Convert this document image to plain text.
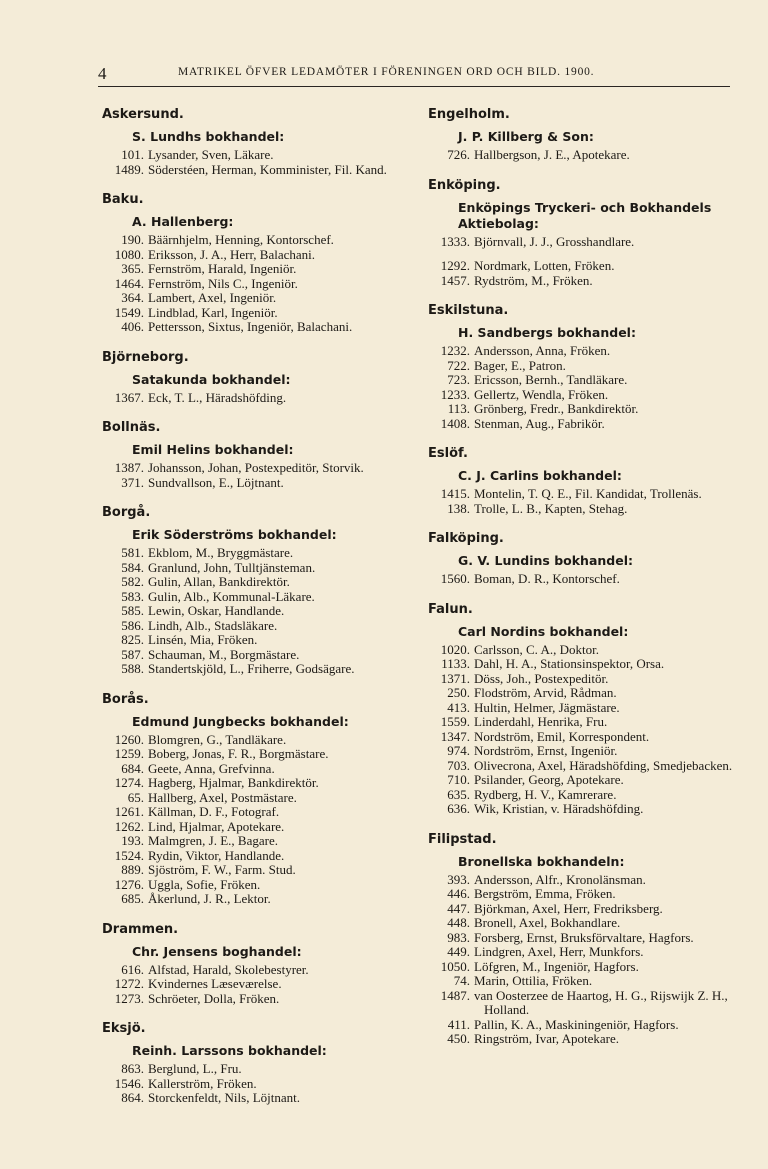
4	MATRIKEL ÖFVER LEDAMÖTER I FÖRENINGEN ORD OCH BILD. 1900.
Askersund.
S. Lundhs bokhandel:
101. Lysander, Sven, Läkare.
1489. Söderstéen, Herman, Komminister, Fil. Kand.
Baku.
A. Hallenberg:
190. Bäärnhjelm, Henning, Kontorschef.
1080. Eriksson, J. A., Herr, Balachani.
365. Fernström, Harald, Ingeniör.
1464. Fernström, Nils C., Ingeniör.
364. Lambert, Axel, Ingeniör.
1549. Lindblad, Karl, Ingeniör.
406. Pettersson, Sixtus, Ingeniör, Balachani.
Björneborg.
Satakunda bokhandel:
1367. Eck, T. L., Häradshöfding.
Bollnäs.
Emil Helins bokhandel:
1387. Johansson, Johan, Postexpeditör, Storvik.
371. Sundvallson, E., Löjtnant.
Borgå.
Erik Söderströms bokhandel:
581. Ekblom, M., Bryggmästare.
584. Granlund, John, Tulltjänsteman.
582. Gulin, Allan, Bankdirektör.
583. Gulin, Alb., Kommunal-Läkare.
585. Lewin, Oskar, Handlande.
586. Lindh, Alb., Stadsläkare.
825. Linsén, Mia, Fröken.
587. Schauman, M., Borgmästare.
588. Standertskjöld, L., Friherre, Godsägare.
Borås.
Edmund Jungbecks bokhandel:
1260. Blomgren, G., Tandläkare.
1259. Boberg, Jonas, F. R., Borgmästare.
684. Geete, Anna, Grefvinna.
1274. Hagberg, Hjalmar, Bankdirektör.
65. Hallberg, Axel, Postmästare.
1261. Källman, D. F., Fotograf.
1262. Lind, Hjalmar, Apotekare.
193. Malmgren, J. E., Bagare.
1524. Rydin, Viktor, Handlande.
889. Sjöström, F. W., Farm. Stud.
1276. Uggla, Sofie, Fröken.
685. Åkerlund, J. R., Lektor.
Drammen.
Chr. Jensens boghandel:
616. Alfstad, Harald, Skolebestyrer.
1272. Kvindernes Læseværelse.
1273. Schröeter, Dolla, Fröken.
Eksjö.
Reinh. Larssons bokhandel:
863. Berglund, L., Fru.
1546. Kallerström, Fröken.
864. Storckenfeldt, Nils, Löjtnant.
Engelholm.
J. P. Killberg & Son:
726. Hallbergson, J. E., Apotekare.
Enköping.
Enköpings Tryckeri- och Bokhandels Aktiebolag:
1333. Björnvall, J. J., Grosshandlare.
1292. Nordmark, Lotten, Fröken.
1457. Rydström, M., Fröken.
Eskilstuna.
H. Sandbergs bokhandel:
1232. Andersson, Anna, Fröken.
722. Bager, E., Patron.
723. Ericsson, Bernh., Tandläkare.
1233. Gellertz, Wendla, Fröken.
113. Grönberg, Fredr., Bankdirektör.
1408. Stenman, Aug., Fabrikör.
Eslöf.
C. J. Carlins bokhandel:
1415. Montelin, T. Q. E., Fil. Kandidat, Trollenäs.
138. Trolle, L. B., Kapten, Stehag.
Falköping.
G. V. Lundins bokhandel:
1560. Boman, D. R., Kontorschef.
Falun.
Carl Nordins bokhandel:
1020. Carlsson, C. A., Doktor.
1133. Dahl, H. A., Stationsinspektor, Orsa.
1371. Döss, Joh., Postexpeditör.
250. Flodström, Arvid, Rådman.
413. Hultin, Helmer, Jägmästare.
1559. Linderdahl, Henrika, Fru.
1347. Nordström, Emil, Korrespondent.
974. Nordström, Ernst, Ingeniör.
703. Olivecrona, Axel, Häradshöfding, Smedjebacken.
710. Psilander, Georg, Apotekare.
635. Rydberg, H. V., Kamrerare.
636. Wik, Kristian, v. Häradshöfding.
Filipstad.
Bronellska bokhandeln:
393. Andersson, Alfr., Kronolänsman.
446. Bergström, Emma, Fröken.
447. Björkman, Axel, Herr, Fredriksberg.
448. Bronell, Axel, Bokhandlare.
983. Forsberg, Ernst, Bruksförvaltare, Hagfors.
449. Lindgren, Axel, Herr, Munkfors.
1050. Löfgren, M., Ingeniör, Hagfors.
74. Marin, Ottilia, Fröken.
1487. van Oosterzee de Haartog, H. G., Rijswijk Z. H., Holland.
411. Pallin, K. A., Maskiningeniör, Hagfors.
450. Ringström, Ivar, Apotekare.
